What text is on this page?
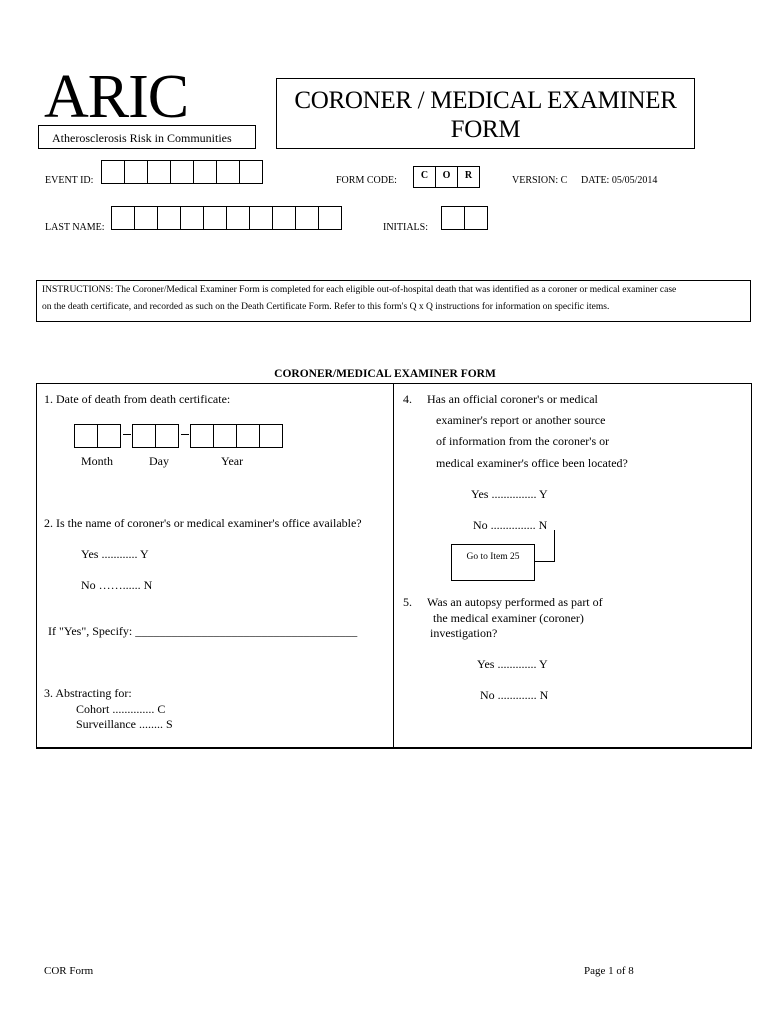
ARIC
Atherosclerosis Risk in Communities
CORONER / MEDICAL EXAMINER
FORM
EVENT ID:	FORM CODE:	C	O	R	VERSION: C DATE: 05/05/2014
LAST NAME:	INITIALS:
INSTRUCTIONS: The Coroner/Medical Examiner Form is completed for each eligible out-of-hospital death that was identified as a coroner or medical examiner case
on the death certificate, and recorded as such on the Death Certificate Form. Refer to this form's Q x Q instructions for information on specific items.
CORONER/MEDICAL EXAMINER FORM
1. Date of death from death certificate:
Month	Day	Year
2. Is the name of coroner's or medical examiner's office available?
Yes ............ Y
No ……...... N
If "Yes", Specify: _____________________________________
3. Abstracting for:
Cohort .............. C
Surveillance ........ S
4. Has an official coroner's or medical
examiner's report or another source
of information from the coroner's or
medical examiner's office been located?
Yes ............... Y
No ............... N
Go to Item 25
5. Was an autopsy performed as part of
the medical examiner (coroner)
investigation?
Yes ............. Y
No ............. N
COR Form	Page 1 of 8
